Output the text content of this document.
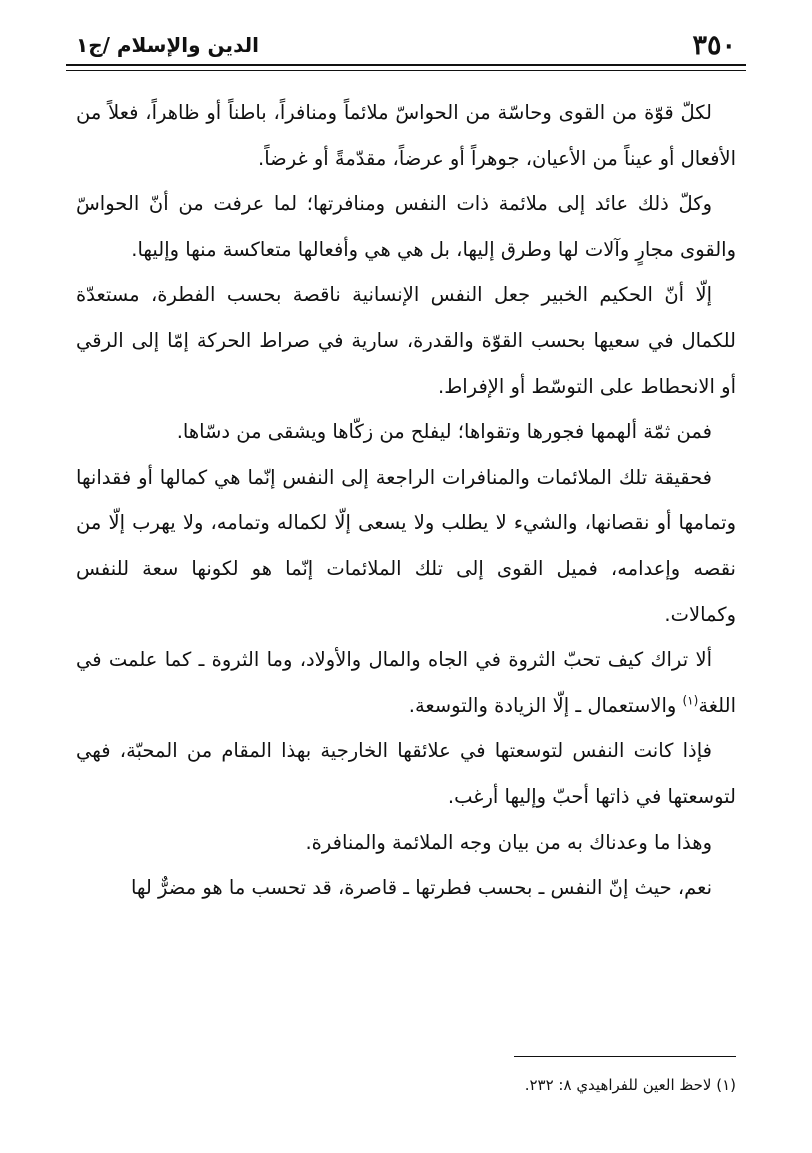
٣٥٠
الدين والإسلام /ج١

لكلّ قوّة من القوى وحاسّة من الحواسّ ملائماً ومنافراً، باطناً أو ظاهراً، فعلاً من الأفعال أو عيناً من الأعيان، جوهراً أو عرضاً، مقدّمةً أو غرضاً.

وكلّ ذلك عائد إلى ملائمة ذات النفس ومنافرتها؛ لما عرفت من أنّ الحواسّ والقوى مجارٍ وآلات لها وطرق إليها، بل هي هي وأفعالها متعاكسة منها وإليها.

إلّا أنّ الحكيم الخبير جعل النفس الإنسانية ناقصة بحسب الفطرة، مستعدّة للكمال في سعيها بحسب القوّة والقدرة، سارية في صراط الحركة إمّا إلى الرقي أو الانحطاط على التوسّط أو الإفراط.

فمن ثمّة ألهمها فجورها وتقواها؛ ليفلح من زكّاها ويشقى من دسّاها.

فحقيقة تلك الملائمات والمنافرات الراجعة إلى النفس إنّما هي كمالها أو فقدانها وتمامها أو نقصانها، والشيء لا يطلب ولا يسعى إلّا لكماله وتمامه، ولا يهرب إلّا من نقصه وإعدامه، فميل القوى إلى تلك الملائمات إنّما هو لكونها سعة للنفس وكمالات.

ألا تراك كيف تحبّ الثروة في الجاه والمال والأولاد، وما الثروة ـ كما علمت في اللغة$^{(١)}$ والاستعمال ـ إلّا الزيادة والتوسعة.

فإذا كانت النفس لتوسعتها في علائقها الخارجية بهذا المقام من المحبّة، فهي لتوسعتها في ذاتها أحبّ وإليها أرغب.

وهذا ما وعدناك به من بيان وجه الملائمة والمنافرة.

نعم، حيث إنّ النفس ـ بحسب فطرتها ـ قاصرة، قد تحسب ما هو مضرٌّ لها

(١) لاحظ العين للفراهيدي ٨: ٢٣٢.
